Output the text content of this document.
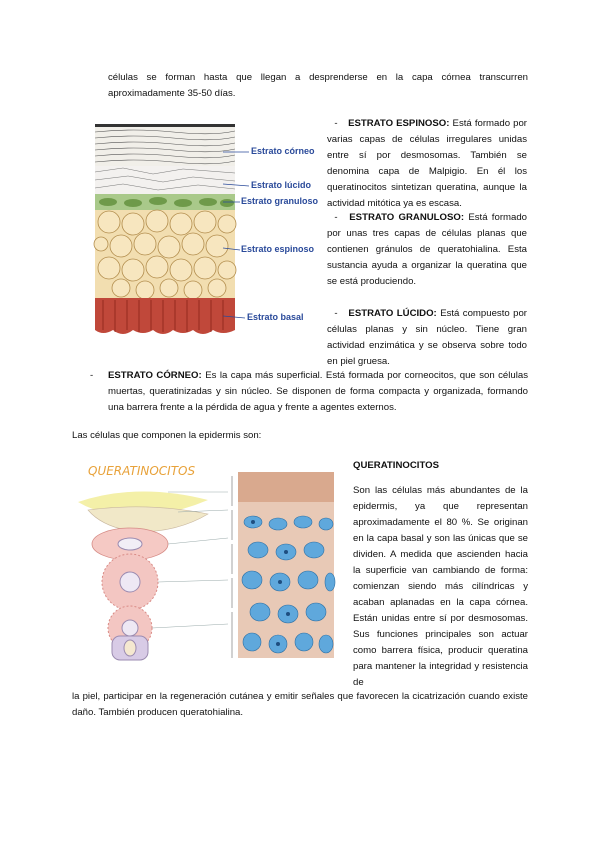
células se forman hasta que llegan a desprenderse en la capa córnea transcurren aproximadamente 35-50 días.
Estrato córneo
Estrato lúcido
Estrato granuloso
Estrato espinoso
Estrato basal
- ESTRATO ESPINOSO: Está formado por varias capas de células irregulares unidas entre sí por desmosomas. También se denomina capa de Malpigio. En él los queratinocitos sintetizan queratina, aunque la actividad mitótica ya es escasa.
- ESTRATO GRANULOSO: Está formado por unas tres capas de células planas que contienen gránulos de queratohialina. Esta sustancia ayuda a organizar la queratina que se está produciendo.
- ESTRATO LÚCIDO: Está compuesto por células planas y sin núcleo. Tiene gran actividad enzimática y se observa sobre todo en piel gruesa.
- ESTRATO CÓRNEO: Es la capa más superficial. Está formada por corneocitos, que son células muertas, queratinizadas y sin núcleo. Se disponen de forma compacta y organizada, formando una barrera frente a la pérdida de agua y frente a agentes externos.
Las células que componen la epidermis son:
QUERATINOCITOS	QUERATINOCITOS
Son las células más abundantes de la epidermis, ya que representan aproximadamente el 80 %. Se originan en la capa basal y son las únicas que se dividen. A medida que ascienden hacia la superficie van cambiando de forma: comienzan siendo más cilíndricas y acaban aplanadas en la capa córnea. Están unidas entre sí por desmosomas. Sus funciones principales son actuar como barrera física, producir queratina para mantener la integridad y resistencia de
la piel, participar en la regeneración cutánea y emitir señales que favorecen la cicatrización cuando existe daño. También producen queratohialina.
